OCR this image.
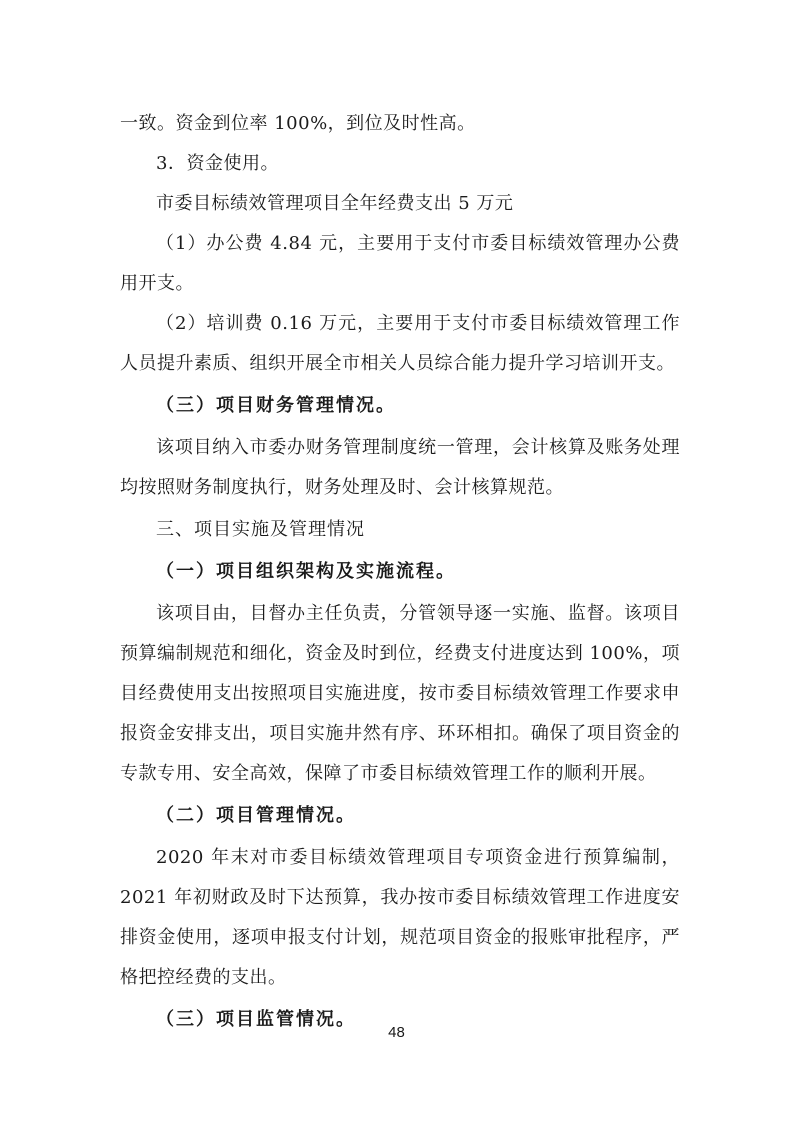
一致。资金到位率 100%，到位及时性高。

3．资金使用。

市委目标绩效管理项目全年经费支出 5 万元

（1）办公费 4.84 元，主要用于支付市委目标绩效管理办公费用开支。

（2）培训费 0.16 万元，主要用于支付市委目标绩效管理工作人员提升素质、组织开展全市相关人员综合能力提升学习培训开支。

（三）项目财务管理情况。

该项目纳入市委办财务管理制度统一管理，会计核算及账务处理均按照财务制度执行，财务处理及时、会计核算规范。

三、项目实施及管理情况

（一）项目组织架构及实施流程。

该项目由，目督办主任负责，分管领导逐一实施、监督。该项目预算编制规范和细化，资金及时到位，经费支付进度达到 100%，项目经费使用支出按照项目实施进度，按市委目标绩效管理工作要求申报资金安排支出，项目实施井然有序、环环相扣。确保了项目资金的专款专用、安全高效，保障了市委目标绩效管理工作的顺利开展。

（二）项目管理情况。

2020 年末对市委目标绩效管理项目专项资金进行预算编制，2021 年初财政及时下达预算，我办按市委目标绩效管理工作进度安排资金使用，逐项申报支付计划，规范项目资金的报账审批程序，严格把控经费的支出。

（三）项目监管情况。

48
